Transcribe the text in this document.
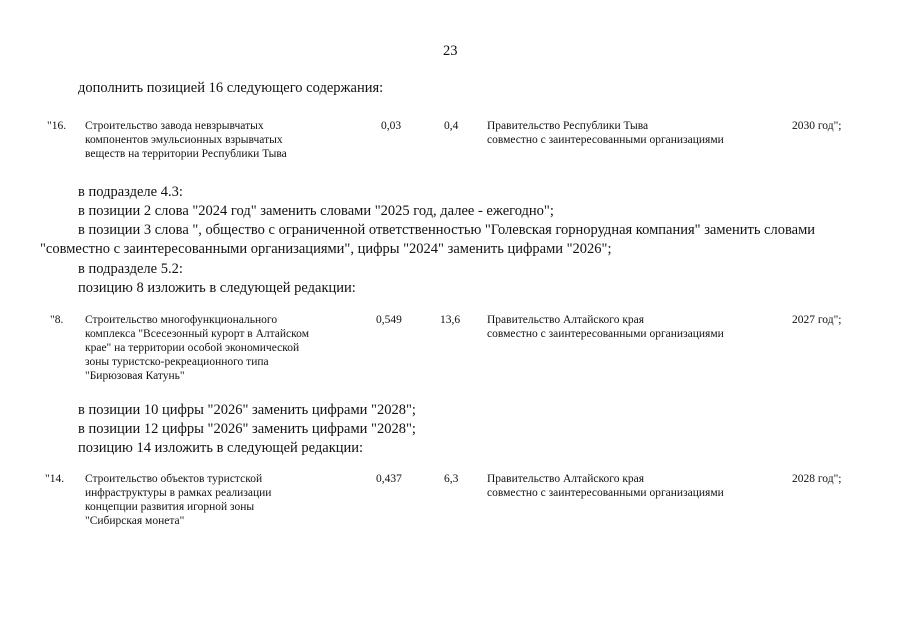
23
дополнить позицией 16 следующего содержания:
"16. Строительство завода невзрывчатых
компонентов эмульсионных взрывчатых
веществ на территории Республики Тыва
0,03	0,4 Правительство Республики Тыва
совместно с заинтересованными организациями
2030 год";
в подразделе 4.3:
в позиции 2 слова "2024 год" заменить словами "2025 год, далее - ежегодно";
в позиции 3 слова ", общество с ограниченной ответственностью "Голевская горнорудная компания" заменить словами
"совместно с заинтересованными организациями", цифры "2024" заменить цифрами "2026";
в подразделе 5.2:
позицию 8 изложить в следующей редакции:
"8. Строительство многофункционального
комплекса "Всесезонный курорт в Алтайском
крае" на территории особой экономической
зоны туристско-рекреационного типа
"Бирюзовая Катунь"
0,549	13,6 Правительство Алтайского края
совместно с заинтересованными организациями
2027 год";
в позиции 10 цифры "2026" заменить цифрами "2028";
в позиции 12 цифры "2026" заменить цифрами "2028";
позицию 14 изложить в следующей редакции:
"14. Строительство объектов туристской
инфраструктуры в рамках реализации
концепции развития игорной зоны
"Сибирская монета"
0,437	6,3 Правительство Алтайского края
совместно с заинтересованными организациями
2028 год";
